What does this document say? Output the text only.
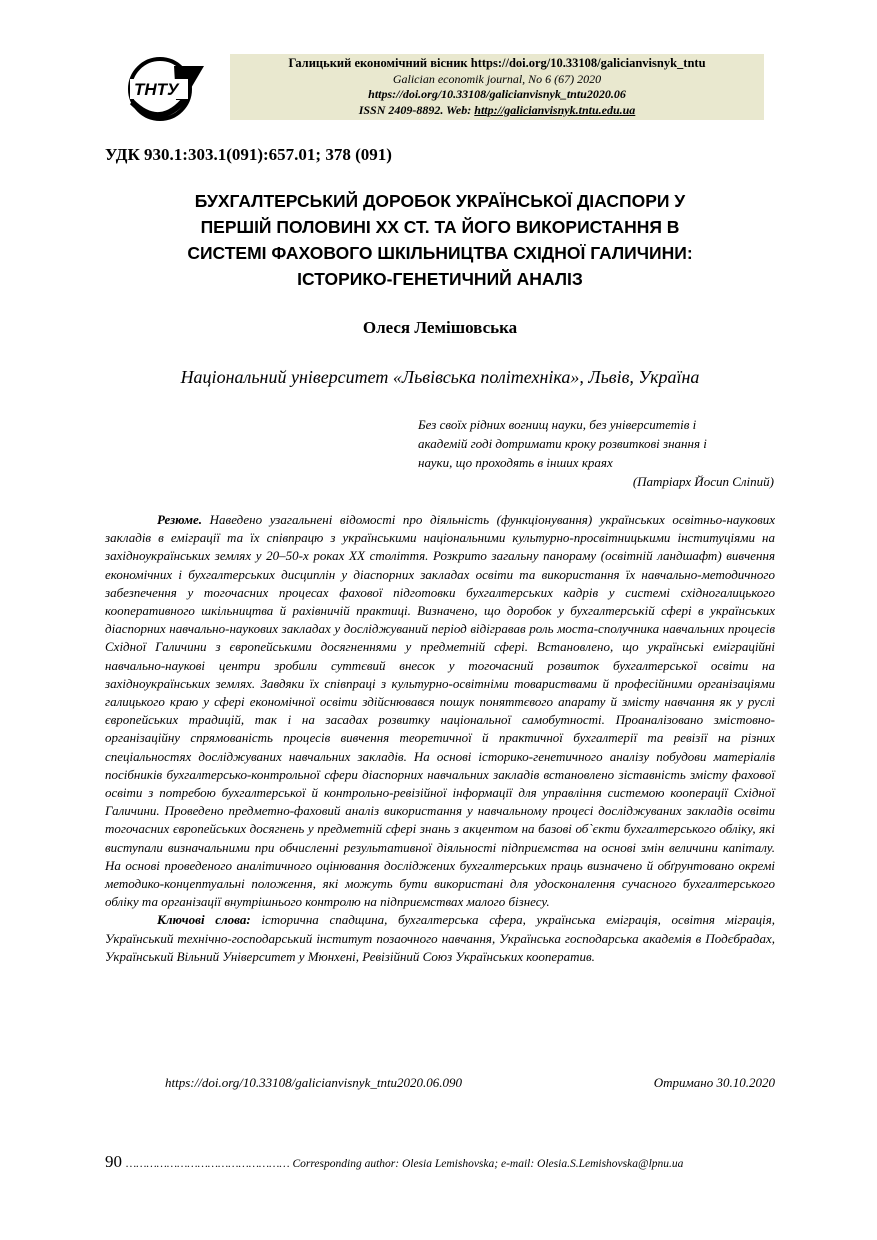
ТНТУ
Галицький економічний вісник https://doi.org/10.33108/galicianvisnyk_tntu
Galician economik journal, No 6 (67) 2020
https://doi.org/10.33108/galicianvisnyk_tntu2020.06
ISSN 2409-8892. Web: http://galicianvisnyk.tntu.edu.ua
УДК 930.1:303.1(091):657.01; 378 (091)
БУХГАЛТЕРСЬКИЙ ДОРОБОК УКРАЇНСЬКОЇ ДІАСПОРИ У
ПЕРШІЙ ПОЛОВИНІ ХХ СТ. ТА ЙОГО ВИКОРИСТАННЯ В
СИСТЕМІ ФАХОВОГО ШКІЛЬНИЦТВА СХІДНОЇ ГАЛИЧИНИ:
ІСТОРИКО-ГЕНЕТИЧНИЙ АНАЛІЗ
Олеся Лемішовська
Національний університет «Львівська політехніка», Львів, Україна
Без своїх рідних вогнищ науки, без університетів і
академій годі дотримати кроку розвиткові знання і
науки, що проходять в інших краях
(Патріарх Йосип Сліпий)

Резюме. Наведено узагальнені відомості про діяльність (функціонування) українських освітньо-наукових закладів в еміграції та їх співпрацю з українськими національними культурно-просвітницькими інституціями на західноукраїнських землях у 20–50-х роках ХХ століття. Розкрито загальну панораму (освітній ландшафт) вивчення економічних і бухгалтерських дисциплін у діаспорних закладах освіти та використання їх навчально-методичного забезпечення у тогочасних процесах фахової підготовки бухгалтерських кадрів у системі східногалицького кооперативного шкільництва й рахівничій практиці. Визначено, що доробок у бухгалтерській сфері в українських діаспорних навчально-наукових закладах у досліджуваний період відігравав роль моста-сполучника навчальних процесів Східної Галичини з європейськими досягненнями у предметній сфері. Встановлено, що українські еміграційні навчально-наукові центри зробили суттєвий внесок у тогочасний розвиток бухгалтерської освіти на західноукраїнських землях. Завдяки їх співпраці з культурно-освітніми товариствами й професійними організаціями галицького краю у сфері економічної освіти здійснювався пошук поняттєвого апарату й змісту навчання як у руслі європейських традицій, так і на засадах розвитку національної самобутності. Проаналізовано змістовно-організаційну спрямованість процесів вивчення теоретичної й практичної бухгалтерії та ревізії на різних спеціальностях досліджуваних навчальних закладів. На основі історико-генетичного аналізу побудови матеріалів посібників бухгалтерсько-контрольної сфери діаспорних навчальних закладів встановлено зіставність змісту фахової освіти з потребою бухгалтерської й контрольно-ревізійної інформації для управління системою кооперації Східної Галичини. Проведено предметно-фаховий аналіз використання у навчальному процесі досліджуваних закладів освіти тогочасних європейських досягнень у предметній сфері знань з акцентом на базові об`єкти бухгалтерського обліку, які виступали визначальними при обчисленні результативної діяльності підприємства на основі змін величини капіталу. На основі проведеного аналітичного оцінювання досліджених бухгалтерських праць визначено й обґрунтовано окремі методико-концептуальні положення, які можуть бути використані для удосконалення сучасного бухгалтерського обліку та організації внутрішнього контролю на підприємствах малого бізнесу.

Ключові слова: історична спадщина, бухгалтерська сфера, українська еміграція, освітня міграція, Український технічно-господарський інститут позаочного навчання, Українська господарська академія в Подєбрадах, Український Вільний Університет у Мюнхені, Ревізійний Союз Українських кооператив.

https://doi.org/10.33108/galicianvisnyk_tntu2020.06.090	Отримано 30.10.2020
90 ………………………………………… Corresponding author: Olesia Lemishovska; e-mail: Olesia.S.Lemishovska@lpnu.ua
